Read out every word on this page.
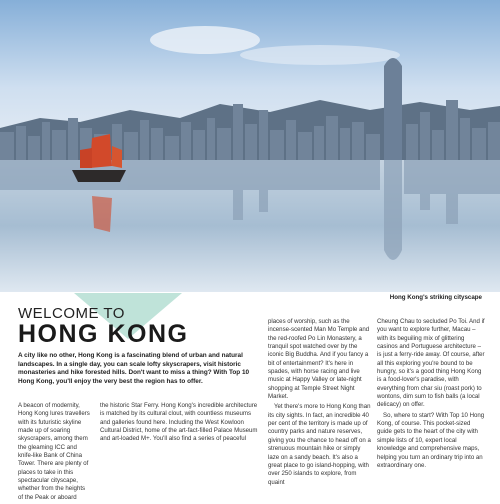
Hong Kong's striking cityscape
WELCOME TO
HONG KONG
A city like no other, Hong Kong is a fascinating blend of urban and natural landscapes. In a single day, you can scale lofty skyscrapers, visit historic monasteries and hike forested hills. Don't want to miss a thing? With Top 10 Hong Kong, you'll enjoy the very best the region has to offer.

A beacon of modernity, Hong Kong lures travellers with its futuristic skyline made up of soaring skyscrapers, among them the gleaming ICC and knife-like Bank of China Tower. There are plenty of places to take in this spectacular cityscape, whether from the heights of the Peak or aboard

the historic Star Ferry. Hong Kong's incredible architecture is matched by its cultural clout, with countless museums and galleries found here. Including the West Kowloon Cultural District, home of the art-fact-filled Palace Museum and art-loaded M+. You'll also find a series of peaceful

places of worship, such as the incense-scented Man Mo Temple and the red-roofed Po Lin Monastery, a tranquil spot watched over by the iconic Big Buddha. And if you fancy a bit of entertainment? It's here in spades, with horse racing and live music at Happy Valley or late-night shopping at Temple Street Night Market.

Yet there's more to Hong Kong than its city sights. In fact, an incredible 40 per cent of the territory is made up of country parks and nature reserves, giving you the chance to head off on a strenuous mountain hike or simply laze on a sandy beach. It's also a great place to go island-hopping, with over 250 islands to explore, from quaint

Cheung Chau to secluded Po Toi. And if you want to explore further, Macau – with its beguiling mix of glittering casinos and Portuguese architecture – is just a ferry-ride away. Of course, after all this exploring you're bound to be hungry, so it's a good thing Hong Kong is a food-lover's paradise, with everything from char siu (roast pork) to wontons, dim sum to fish balls (a local delicacy) on offer.

So, where to start? With Top 10 Hong Kong, of course. This pocket-sized guide gets to the heart of the city with simple lists of 10, expert local knowledge and comprehensive maps, helping you turn an ordinary trip into an extraordinary one.
